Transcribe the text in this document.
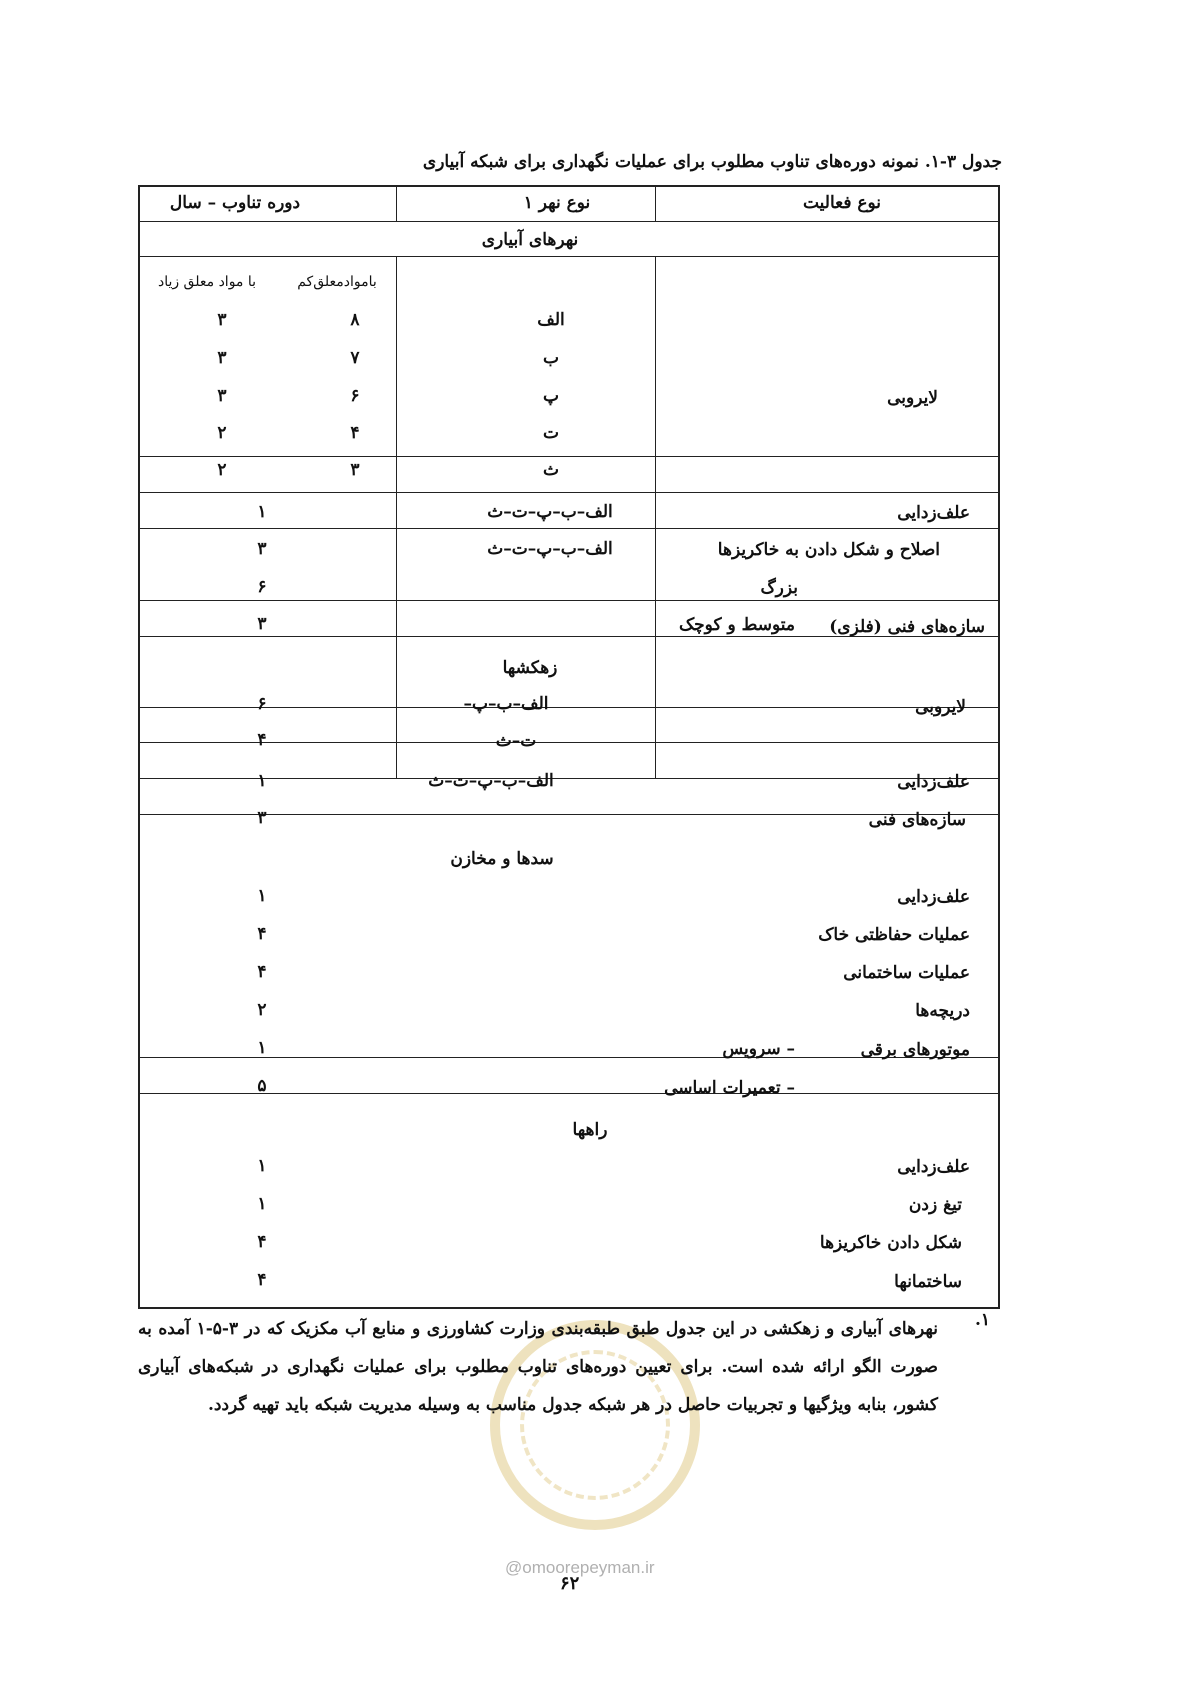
جدول ۳-۱. نمونه دوره‌های تناوب مطلوب برای عملیات نگهداری برای شبکه آبیاری
نوع فعالیت
نوع نهر ۱
دوره تناوب – سال
نهرهای آبیاری
باموادمعلق‌کم
با مواد معلق زیاد
لایروبی
الف
۸
۳
ب
۷
۳
پ
۶
۳
ت
۴
۲
ث
۳
۲
علف‌زدایی
الف–ب–پ–ت–ث
۱
اصلاح و شکل دادن به خاکریزها
الف–ب–پ–ت–ث
۳
بزرگ
۶
سازه‌های فنی (فلزی)
متوسط و کوچک
۳
زهکشها
لایروبی
الف–ب–پ–
۶
ت–ث
۴
علف‌زدایی
الف–ب–پ–ت–ث
۱
سازه‌های فنی
۳
سدها و مخازن
علف‌زدایی
۱
عملیات حفاظتی خاک
۴
عملیات ساختمانی
۴
دریچه‌ها
۲
موتورهای برقی
– سرویس
۱
– تعمیرات اساسی
۵
راهها
علف‌زدایی
۱
تیغ زدن
۱
شکل دادن خاکریزها
۴
ساختمانها
۴
@omoorepeyman.ir
.۱
نهرهای آبیاری و زهکشی در این جدول طبق طبقه‌بندی وزارت کشاورزی و منابع آب مکزیک که در ۳-۵-۱ آمده به صورت الگو ارائه شده است. برای تعیین دوره‌های تناوب مطلوب برای عملیات نگهداری در شبکه‌های آبیاری کشور، بنابه ویژگیها و تجربیات حاصل در هر شبکه جدول مناسب به وسیله مدیریت شبکه باید تهیه گردد.
۶۲
